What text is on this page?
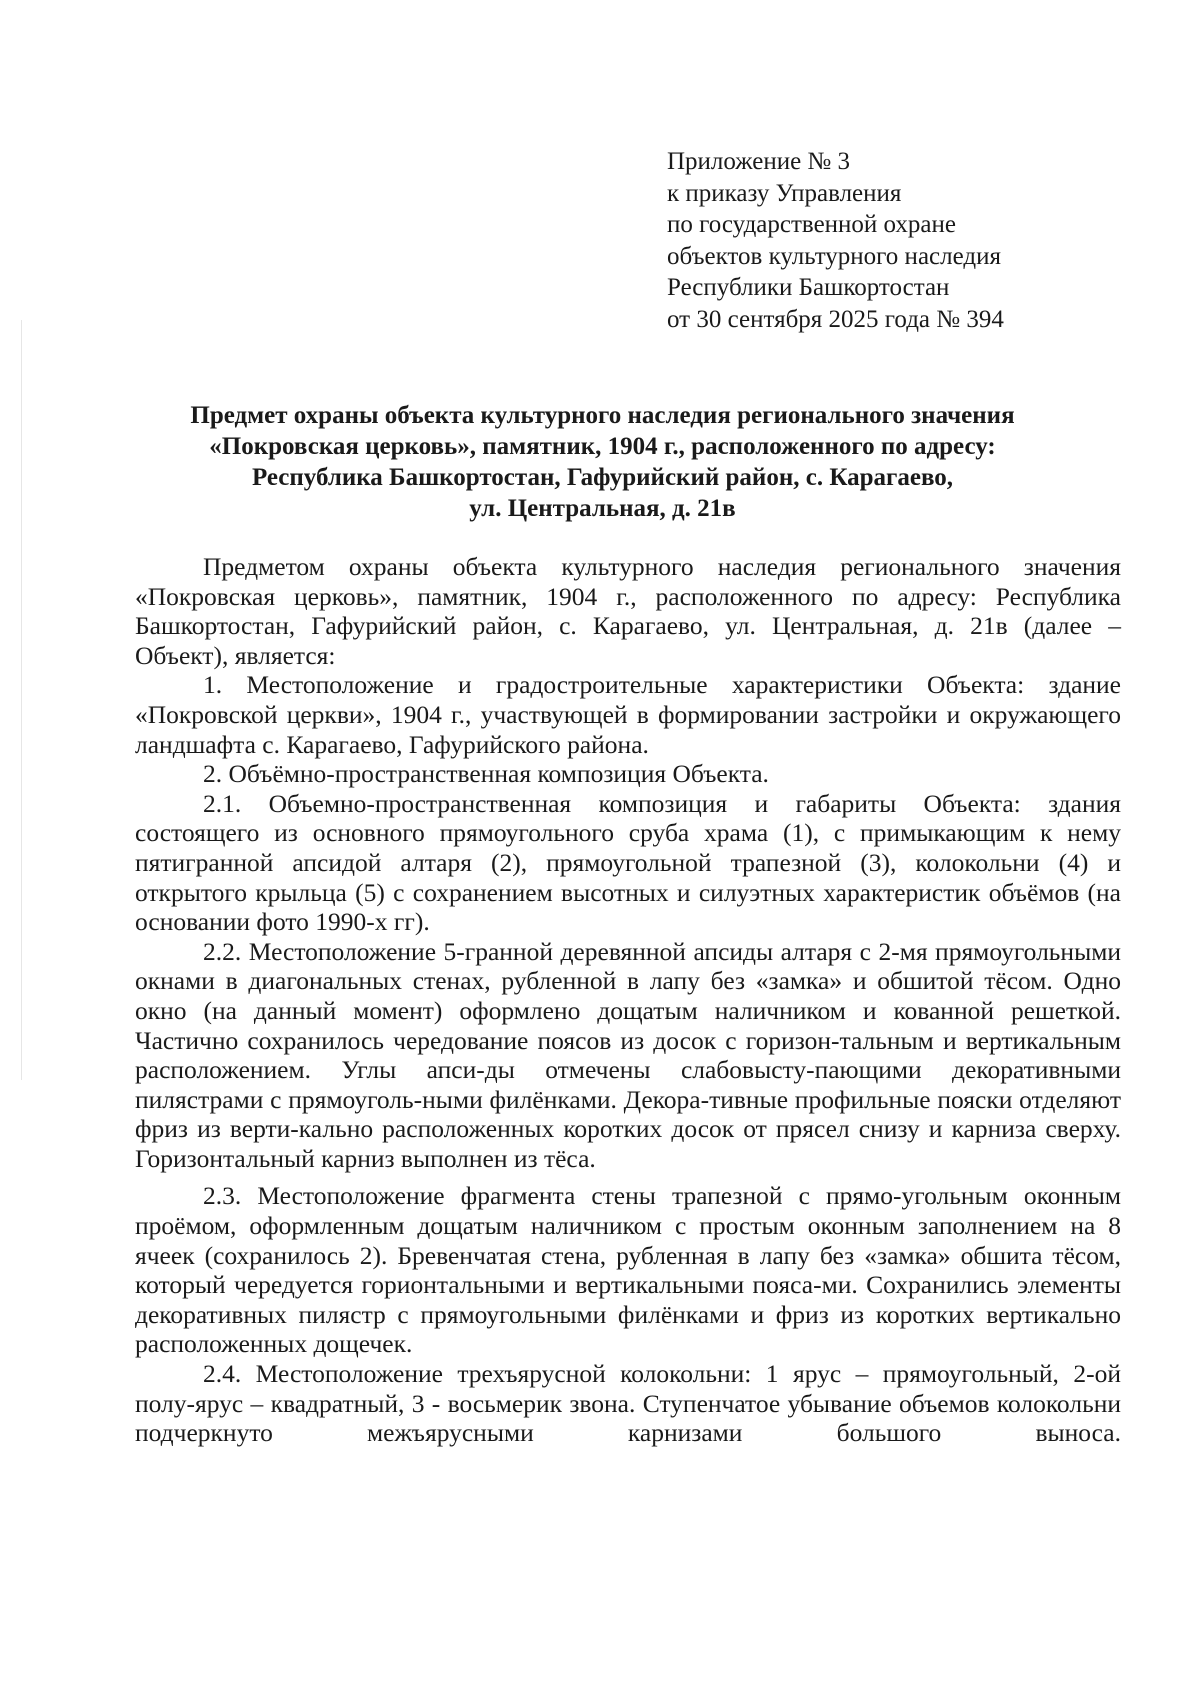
Приложение № 3
к приказу Управления
по государственной охране
объектов культурного наследия
Республики Башкортостан
от 30 сентября 2025 года № 394
Предмет охраны объекта культурного наследия регионального значения
«Покровская церковь», памятник, 1904 г., расположенного по адресу:
Республика Башкортостан, Гафурийский район, с. Карагаево,
ул. Центральная, д. 21в

Предметом охраны объекта культурного наследия регионального значения «Покровская церковь», памятник, 1904 г., расположенного по адресу: Республика Башкортостан, Гафурийский район, с. Карагаево, ул. Центральная, д. 21в (далее – Объект), является:

1. Местоположение и градостроительные характеристики Объекта: здание «Покровской церкви», 1904 г., участвующей в формировании застройки и окружающего ландшафта с. Карагаево, Гафурийского района.

2. Объёмно-пространственная композиция Объекта.

2.1. Объемно-пространственная композиция и габариты Объекта: здания состоящего из основного прямоугольного сруба храма (1), с примыкающим к нему пятигранной апсидой алтаря (2), прямоугольной трапезной (3), колокольни (4) и открытого крыльца (5) с сохранением высотных и силуэтных характеристик объёмов (на основании фото 1990-х гг).

2.2. Местоположение 5-гранной деревянной апсиды алтаря с 2-мя прямоугольными окнами в диагональных стенах, рубленной в лапу без «замка» и обшитой тёсом. Одно окно (на данный момент) оформлено дощатым наличником и кованной решеткой. Частично сохранилось чередование поясов из досок с горизон-тальным и вертикальным расположением. Углы апси-ды отмечены слабовысту-пающими декоративными пилястрами с прямоуголь-ными филёнками. Декора-тивные профильные пояски отделяют фриз из верти-кально расположенных коротких досок от прясел снизу и карниза сверху. Горизонтальный карниз выполнен из тёса.

2.3. Местоположение фрагмента стены трапезной с прямо-угольным оконным проёмом, оформленным дощатым наличником с простым оконным заполнением на 8 ячеек (сохранилось 2). Бревенчатая стена, рубленная в лапу без «замка» обшита тёсом, который чередуется горионтальными и вертикальными пояса-ми. Сохранились элементы декоративных пилястр с прямоугольными филёнками и фриз из коротких вертикально расположенных дощечек.

2.4. Местоположение трехъярусной колокольни: 1 ярус – прямоугольный, 2-ой полу-ярус – квадратный, 3 - восьмерик звона. Ступенчатое убывание объемов колокольни подчеркнуто межъярусными карнизами большого выноса.
